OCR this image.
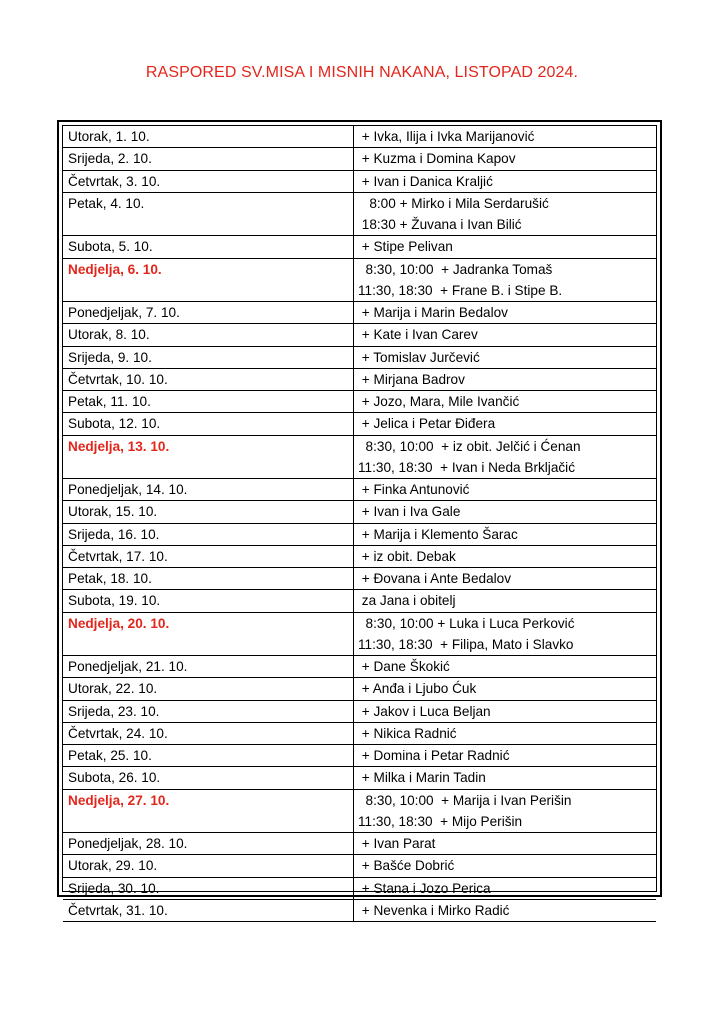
RASPORED SV.MISA I MISNIH NAKANA, LISTOPAD 2024.
Utorak, 1. 10.	+ Ivka, Ilija i Ivka Marijanović

Srijeda, 2. 10.	+ Kuzma i Domina Kapov

Četvrtak, 3. 10.	+ Ivan i Danica Kraljić

Petak, 4. 10.	8:00 + Mirko i Mila Serdarušić
18:30 + Žuvana i Ivan Bilić

Subota, 5. 10.	+ Stipe Pelivan

Nedjelja, 6. 10.	8:30, 10:00  + Jadranka Tomaš
11:30, 18:30  + Frane B. i Stipe B.

Ponedjeljak, 7. 10.	+ Marija i Marin Bedalov

Utorak, 8. 10.	+ Kate i Ivan Carev

Srijeda, 9. 10.	+ Tomislav Jurčević

Četvrtak, 10. 10.	+ Mirjana Badrov

Petak, 11. 10.	+ Jozo, Mara, Mile Ivančić

Subota, 12. 10.	+ Jelica i Petar Điđera

Nedjelja, 13. 10.	8:30, 10:00  + iz obit. Jelčić i Ćenan
11:30, 18:30  + Ivan i Neda Brkljačić

Ponedjeljak, 14. 10.	+ Finka Antunović

Utorak, 15. 10.	+ Ivan i Iva Gale

Srijeda, 16. 10.	+ Marija i Klemento Šarac

Četvrtak, 17. 10.	+ iz obit. Debak

Petak, 18. 10.	+ Đovana i Ante Bedalov

Subota, 19. 10.	za Jana i obitelj

Nedjelja, 20. 10.	8:30, 10:00 + Luka i Luca Perković
11:30, 18:30  + Filipa, Mato i Slavko

Ponedjeljak, 21. 10.	+ Dane Škokić

Utorak, 22. 10.	+ Anđa i Ljubo Ćuk

Srijeda, 23. 10.	+ Jakov i Luca Beljan

Četvrtak, 24. 10.	+ Nikica Radnić

Petak, 25. 10.	+ Domina i Petar Radnić

Subota, 26. 10.	+ Milka i Marin Tadin

Nedjelja, 27. 10.	8:30, 10:00  + Marija i Ivan Perišin
11:30, 18:30  + Mijo Perišin

Ponedjeljak, 28. 10.	+ Ivan Parat

Utorak, 29. 10.	+ Bašće Dobrić

Srijeda, 30. 10.	+ Stana i Jozo Perica

Četvrtak, 31. 10.	+ Nevenka i Mirko Radić
